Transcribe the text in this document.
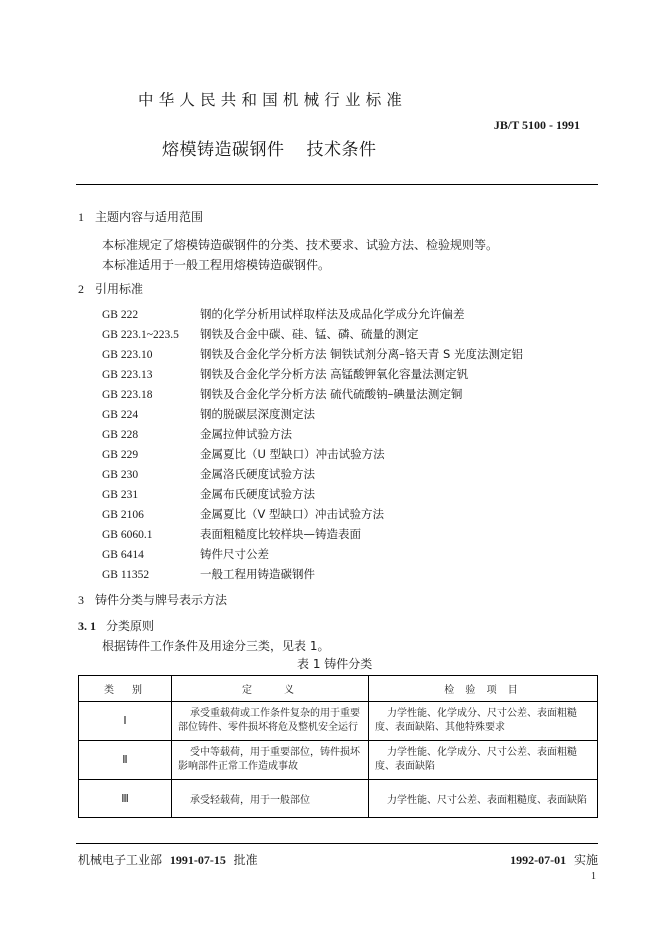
中华人民共和国机械行业标准
JB/T 5100 - 1991
熔模铸造碳钢件 技术条件
1 主题内容与适用范围
本标准规定了熔模铸造碳钢件的分类、技术要求、试验方法、检验规则等。
本标准适用于一般工程用熔模铸造碳钢件。
2 引用标准
GB 222	钢的化学分析用试样取样法及成品化学成分允许偏差
GB 223.1~223.5 钢铁及合金中碳、硅、锰、磷、硫量的测定
GB 223.10	钢铁及合金化学分析方法 铜铁试剂分离–铬天青 S 光度法测定铝
GB 223.13	钢铁及合金化学分析方法 高锰酸钾氧化容量法测定钒
GB 223.18	钢铁及合金化学分析方法 硫代硫酸钠–碘量法测定铜
GB 224	钢的脱碳层深度测定法
GB 228	金属拉伸试验方法
GB 229	金属夏比（U 型缺口）冲击试验方法
GB 230	金属洛氏硬度试验方法
GB 231	金属布氏硬度试验方法
GB 2106	金属夏比（V 型缺口）冲击试验方法
GB 6060.1	表面粗糙度比较样块—铸造表面
GB 6414	铸件尺寸公差
GB 11352	一般工程用铸造碳钢件
3 铸件分类与牌号表示方法
3. 1 分类原则
根据铸件工作条件及用途分三类，见表 1。
表 1 铸件分类
类　别	定　　义	检 验 项 目
Ⅰ	承受重载荷或工作条件复杂的用于重要部位铸件、零件损坏将危及整机安全运行	力学性能、化学成分、尺寸公差、表面粗糙度、表面缺陷、其他特殊要求
Ⅱ	受中等载荷，用于重要部位，铸件损坏影响部件正常工作造成事故	力学性能、化学成分、尺寸公差、表面粗糙度、表面缺陷
Ⅲ	承受轻载荷，用于一般部位	力学性能、尺寸公差、表面粗糙度、表面缺陷
机械电子工业部 1991-07-15 批准	1992-07-01 实施
1
